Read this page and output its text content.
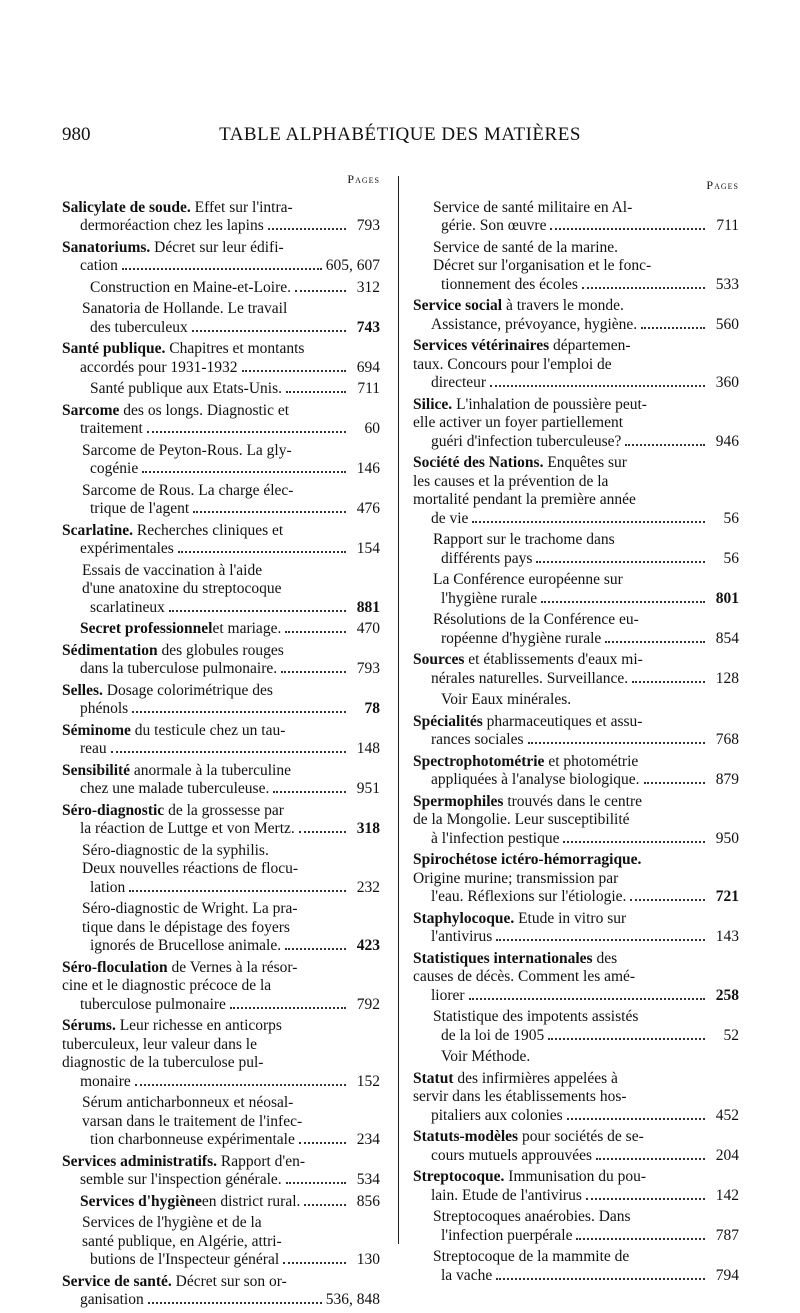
980	TABLE ALPHABÉTIQUE DES MATIÈRES
Pages
Salicylate de soude. Effet sur l'intra-
dermoréaction chez les lapins	793
Sanatoriums. Décret sur leur édifi-
cation	605, 607
Construction en Maine-et-Loire.	312
Sanatoria de Hollande. Le travail
des tuberculeux	743
Santé publique. Chapitres et montants
accordés pour 1931-1932	694
Santé publique aux Etats-Unis.	711
Sarcome des os longs. Diagnostic et
traitement	60
Sarcome de Peyton-Rous. La gly-
cogénie	146
Sarcome de Rous. La charge élec-
trique de l'agent	476
Scarlatine. Recherches cliniques et
expérimentales	154
Essais de vaccination à l'aide
d'une anatoxine du streptocoque
scarlatineux	881
Secret professionnel et mariage.	470
Sédimentation des globules rouges
dans la tuberculose pulmonaire.	793
Selles. Dosage colorimétrique des
phénols	78
Séminome du testicule chez un tau-
reau	148
Sensibilité anormale à la tuberculine
chez une malade tuberculeuse.	951
Séro-diagnostic de la grossesse par
la réaction de Luttge et von Mertz.	318
Séro-diagnostic de la syphilis.
Deux nouvelles réactions de flocu-
lation	232
Séro-diagnostic de Wright. La pra-
tique dans le dépistage des foyers
ignorés de Brucellose animale.	423
Séro-floculation de Vernes à la résor-
cine et le diagnostic précoce de la
tuberculose pulmonaire	792
Sérums. Leur richesse en anticorps
tuberculeux, leur valeur dans le
diagnostic de la tuberculose pul-
monaire	152
Sérum anticharbonneux et néosal-
varsan dans le traitement de l'infec-
tion charbonneuse expérimentale	234
Services administratifs. Rapport d'en-
semble sur l'inspection générale.	534
Services d'hygiène en district rural.	856
Services de l'hygiène et de la
santé publique, en Algérie, attri-
butions de l'Inspecteur général	130
Service de santé. Décret sur son or-
ganisation	536, 848
Pages
Service de santé militaire en Al-
gérie. Son œuvre	711
Service de santé de la marine.
Décret sur l'organisation et le fonc-
tionnement des écoles	533
Service social à travers le monde.
Assistance, prévoyance, hygiène.	560
Services vétérinaires départemen-
taux. Concours pour l'emploi de
directeur	360
Silice. L'inhalation de poussière peut-
elle activer un foyer partiellement
guéri d'infection tuberculeuse?	946
Société des Nations. Enquêtes sur
les causes et la prévention de la
mortalité pendant la première année
de vie	56
Rapport sur le trachome dans
différents pays	56
La Conférence européenne sur
l'hygiène rurale	801
Résolutions de la Conférence eu-
ropéenne d'hygiène rurale	854
Sources et établissements d'eaux mi-
nérales naturelles. Surveillance.	128
Voir Eaux minérales.
Spécialités pharmaceutiques et assu-
rances sociales	768
Spectrophotométrie et photométrie
appliquées à l'analyse biologique.	879
Spermophiles trouvés dans le centre
de la Mongolie. Leur susceptibilité
à l'infection pestique	950
Spirochétose ictéro-hémorragique.
Origine murine; transmission par
l'eau. Réflexions sur l'étiologie.	721
Staphylocoque. Etude in vitro sur
l'antivirus	143
Statistiques internationales des
causes de décès. Comment les amé-
liorer	258
Statistique des impotents assistés
de la loi de 1905	52
Voir Méthode.
Statut des infirmières appelées à
servir dans les établissements hos-
pitaliers aux colonies	452
Statuts-modèles pour sociétés de se-
cours mutuels approuvées	204
Streptocoque. Immunisation du pou-
lain. Etude de l'antivirus	142
Streptocoques anaérobies. Dans
l'infection puerpérale	787
Streptocoque de la mammite de
la vache	794
